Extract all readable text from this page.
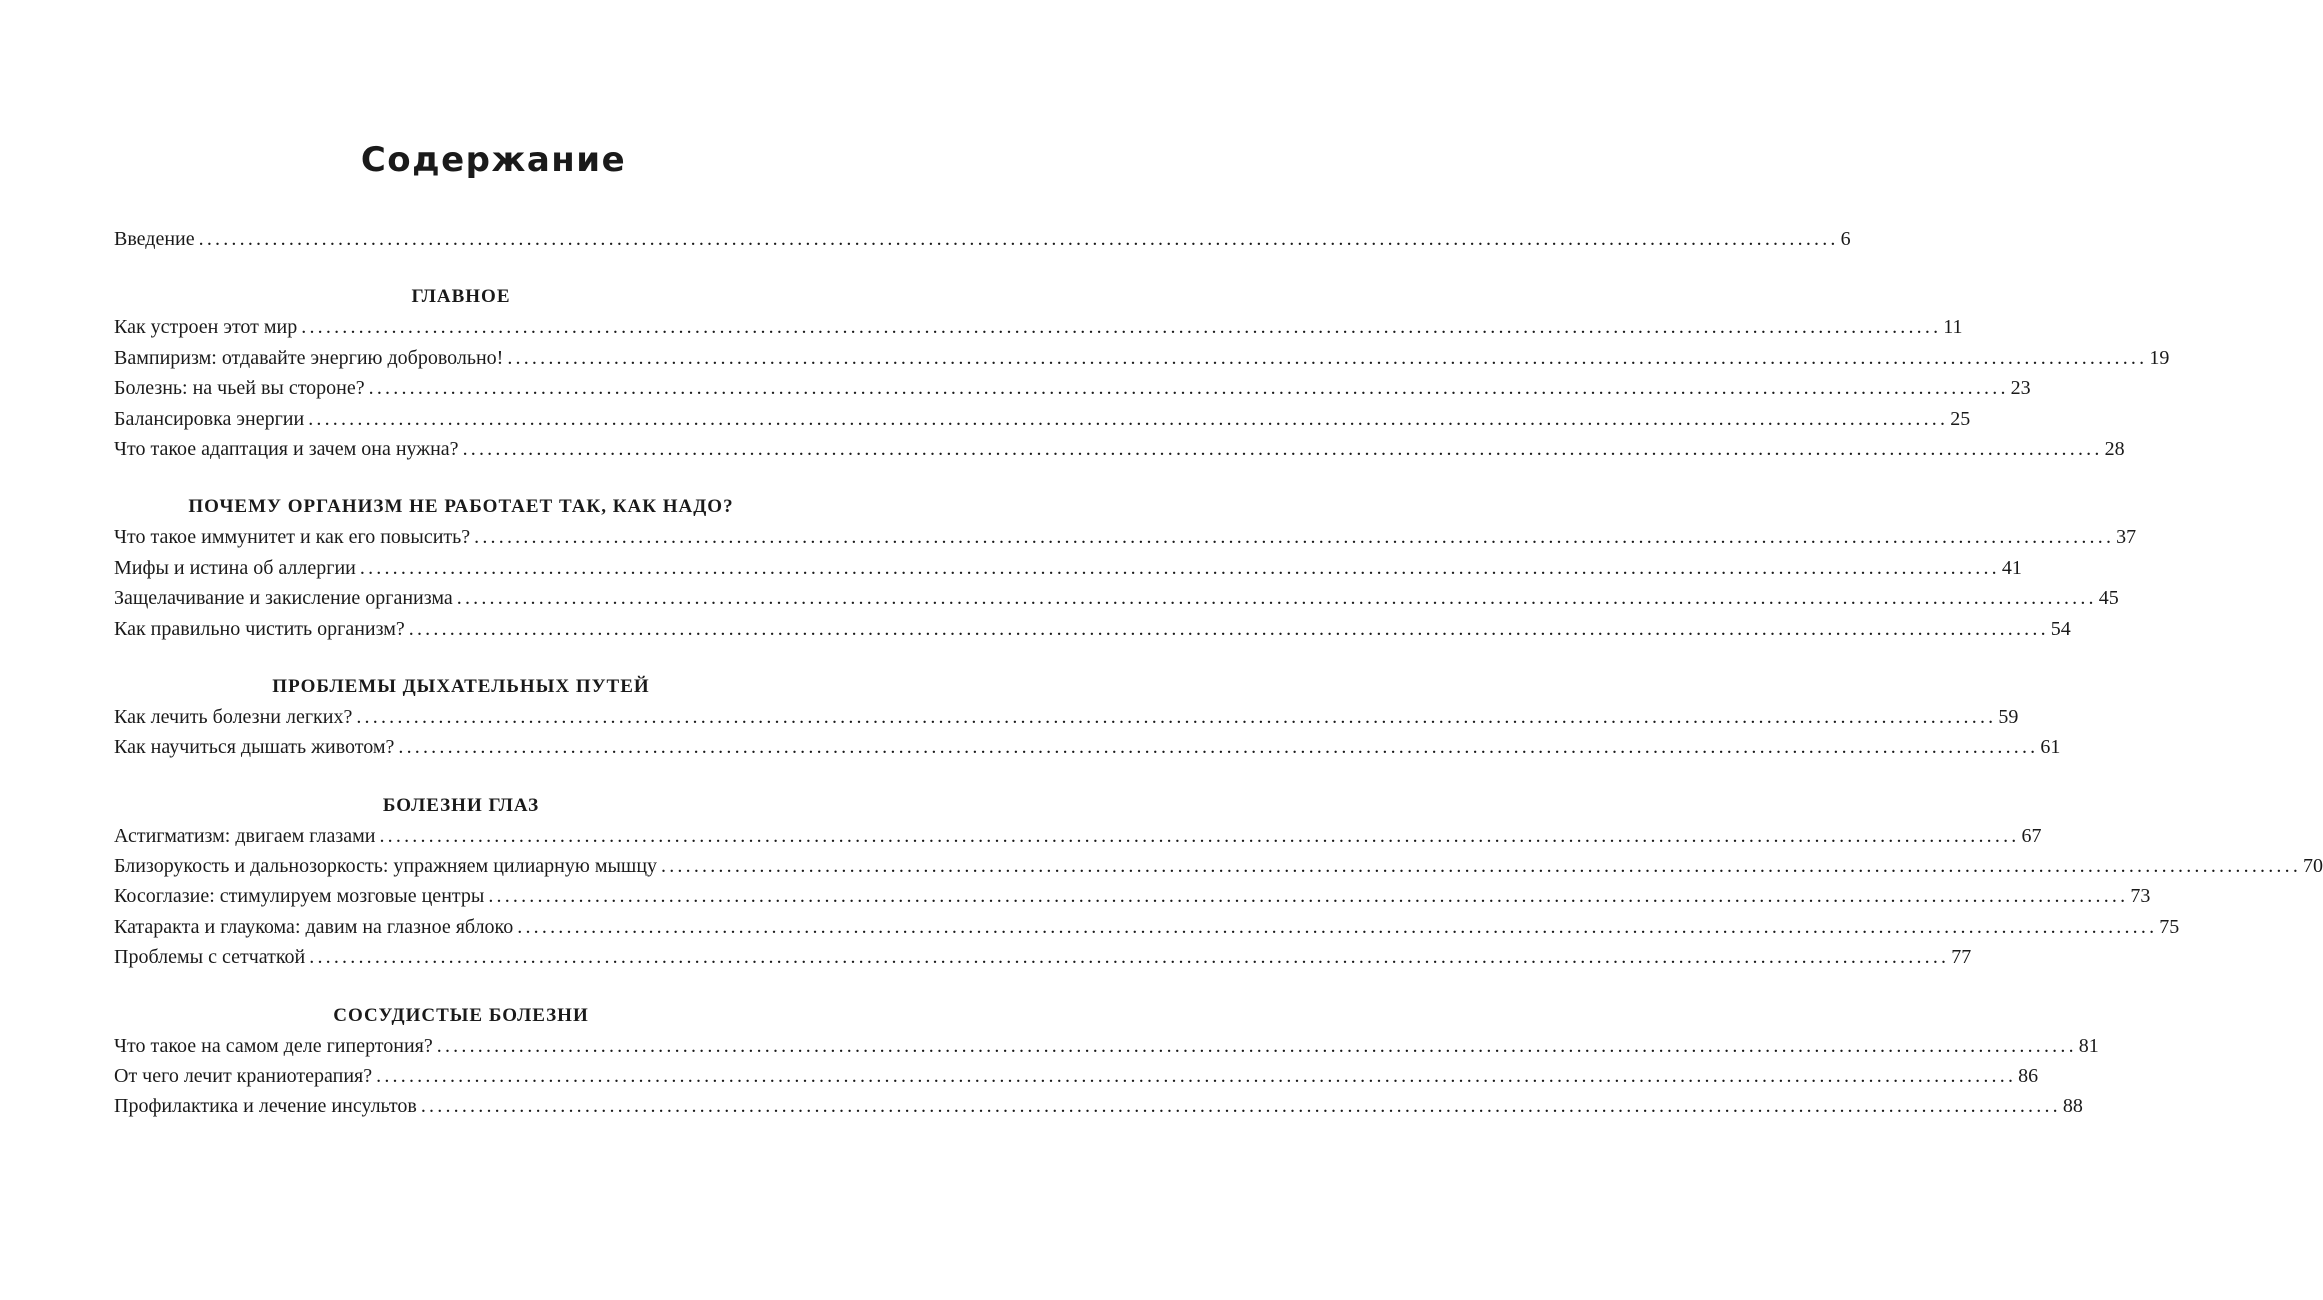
Содержание
Введение ........................................................................................................................................................................................................ 6
ГЛАВНОЕ
Как устроен этот мир ........................................................................................................................................................................................................ 11
Вампиризм: отдавайте энергию добровольно! ........................................................................................................................................................................................................ 19
Болезнь: на чьей вы стороне? ........................................................................................................................................................................................................ 23
Балансировка энергии ........................................................................................................................................................................................................ 25
Что такое адаптация и зачем она нужна? ........................................................................................................................................................................................................ 28
ПОЧЕМУ ОРГАНИЗМ НЕ РАБОТАЕТ ТАК, КАК НАДО?
Что такое иммунитет и как его повысить? ........................................................................................................................................................................................................ 37
Мифы и истина об аллергии ........................................................................................................................................................................................................ 41
Защелачивание и закисление организма ........................................................................................................................................................................................................ 45
Как правильно чистить организм? ........................................................................................................................................................................................................ 54
ПРОБЛЕМЫ ДЫХАТЕЛЬНЫХ ПУТЕЙ
Как лечить болезни легких? ........................................................................................................................................................................................................ 59
Как научиться дышать животом? ........................................................................................................................................................................................................ 61
БОЛЕЗНИ ГЛАЗ
Астигматизм: двигаем глазами ........................................................................................................................................................................................................ 67
Близорукость и дальнозоркость: упражняем цилиарную мышцу ........................................................................................................................................................................................................ 70
Косоглазие: стимулируем мозговые центры ........................................................................................................................................................................................................ 73
Катаракта и глаукома: давим на глазное яблоко ........................................................................................................................................................................................................ 75
Проблемы с сетчаткой ........................................................................................................................................................................................................ 77
СОСУДИСТЫЕ БОЛЕЗНИ
Что такое на самом деле гипертония? ........................................................................................................................................................................................................ 81
От чего лечит краниотерапия? ........................................................................................................................................................................................................ 86
Профилактика и лечение инсультов ........................................................................................................................................................................................................ 88
